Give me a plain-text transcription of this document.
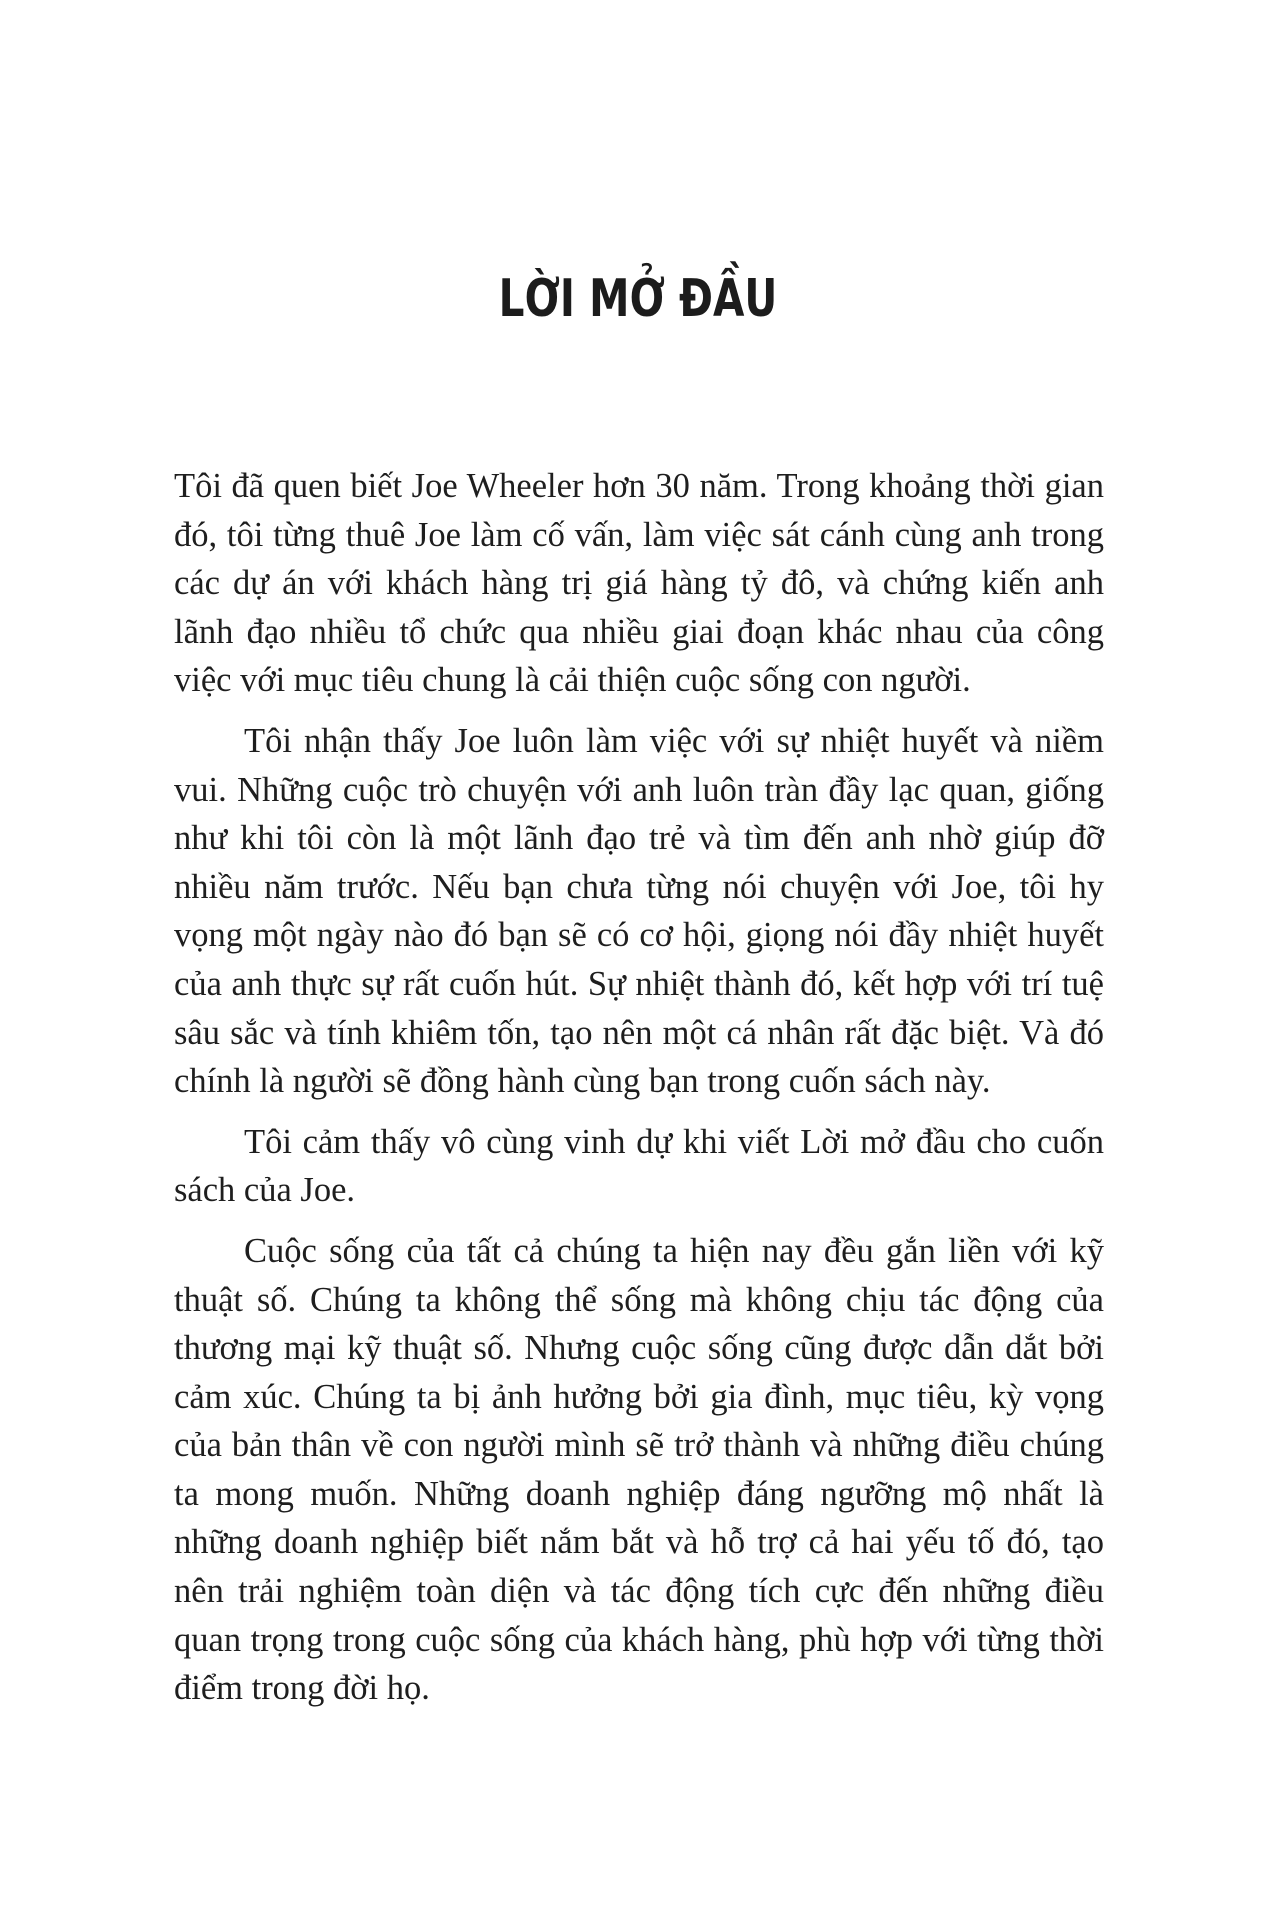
LỜI MỞ ĐẦU

Tôi đã quen biết Joe Wheeler hơn 30 năm. Trong khoảng thời gian đó, tôi từng thuê Joe làm cố vấn, làm việc sát cánh cùng anh trong các dự án với khách hàng trị giá hàng tỷ đô, và chứng kiến anh lãnh đạo nhiều tổ chức qua nhiều giai đoạn khác nhau của công việc với mục tiêu chung là cải thiện cuộc sống con người.

Tôi nhận thấy Joe luôn làm việc với sự nhiệt huyết và niềm vui. Những cuộc trò chuyện với anh luôn tràn đầy lạc quan, giống như khi tôi còn là một lãnh đạo trẻ và tìm đến anh nhờ giúp đỡ nhiều năm trước. Nếu bạn chưa từng nói chuyện với Joe, tôi hy vọng một ngày nào đó bạn sẽ có cơ hội, giọng nói đầy nhiệt huyết của anh thực sự rất cuốn hút. Sự nhiệt thành đó, kết hợp với trí tuệ sâu sắc và tính khiêm tốn, tạo nên một cá nhân rất đặc biệt. Và đó chính là người sẽ đồng hành cùng bạn trong cuốn sách này.

Tôi cảm thấy vô cùng vinh dự khi viết Lời mở đầu cho cuốn sách của Joe.

Cuộc sống của tất cả chúng ta hiện nay đều gắn liền với kỹ thuật số. Chúng ta không thể sống mà không chịu tác động của thương mại kỹ thuật số. Nhưng cuộc sống cũng được dẫn dắt bởi cảm xúc. Chúng ta bị ảnh hưởng bởi gia đình, mục tiêu, kỳ vọng của bản thân về con người mình sẽ trở thành và những điều chúng ta mong muốn. Những doanh nghiệp đáng ngưỡng mộ nhất là những doanh nghiệp biết nắm bắt và hỗ trợ cả hai yếu tố đó, tạo nên trải nghiệm toàn diện và tác động tích cực đến những điều quan trọng trong cuộc sống của khách hàng, phù hợp với từng thời điểm trong đời họ.
